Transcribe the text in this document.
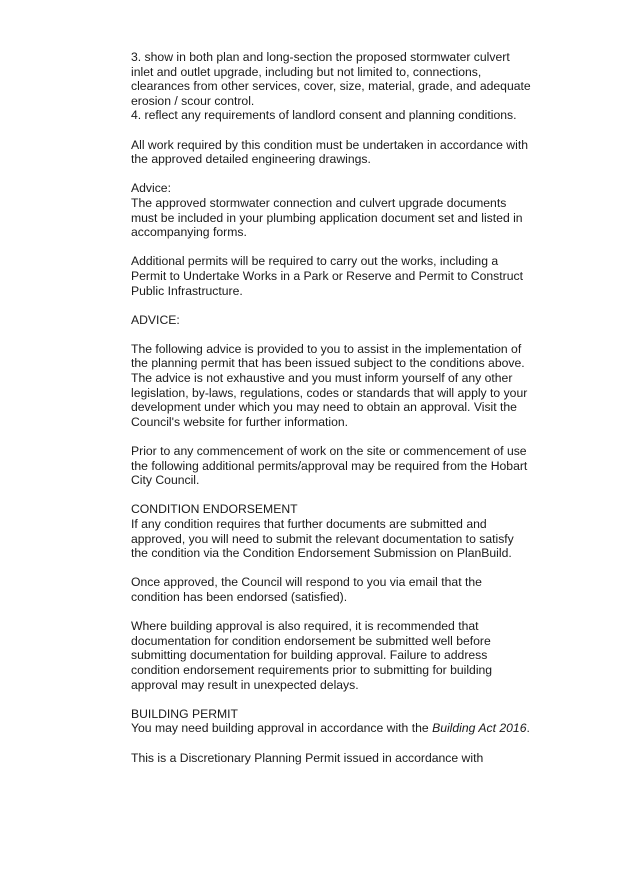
3. show in both plan and long-section the proposed stormwater culvert inlet and outlet upgrade, including but not limited to, connections, clearances from other services, cover, size, material, grade, and adequate erosion / scour control.

4. reflect any requirements of landlord consent and planning conditions.

All work required by this condition must be undertaken in accordance with the approved detailed engineering drawings.

Advice:

The approved stormwater connection and culvert upgrade documents must be included in your plumbing application document set and listed in accompanying forms.

Additional permits will be required to carry out the works, including a Permit to Undertake Works in a Park or Reserve and Permit to Construct Public Infrastructure.

ADVICE:

The following advice is provided to you to assist in the implementation of the planning permit that has been issued subject to the conditions above. The advice is not exhaustive and you must inform yourself of any other legislation, by-laws, regulations, codes or standards that will apply to your development under which you may need to obtain an approval. Visit the Council's website for further information.

Prior to any commencement of work on the site or commencement of use the following additional permits/approval may be required from the Hobart City Council.

CONDITION ENDORSEMENT

If any condition requires that further documents are submitted and approved, you will need to submit the relevant documentation to satisfy the condition via the Condition Endorsement Submission on PlanBuild.

Once approved, the Council will respond to you via email that the condition has been endorsed (satisfied).

Where building approval is also required, it is recommended that documentation for condition endorsement be submitted well before submitting documentation for building approval. Failure to address condition endorsement requirements prior to submitting for building approval may result in unexpected delays.

BUILDING PERMIT

You may need building approval in accordance with the Building Act 2016.

This is a Discretionary Planning Permit issued in accordance with
